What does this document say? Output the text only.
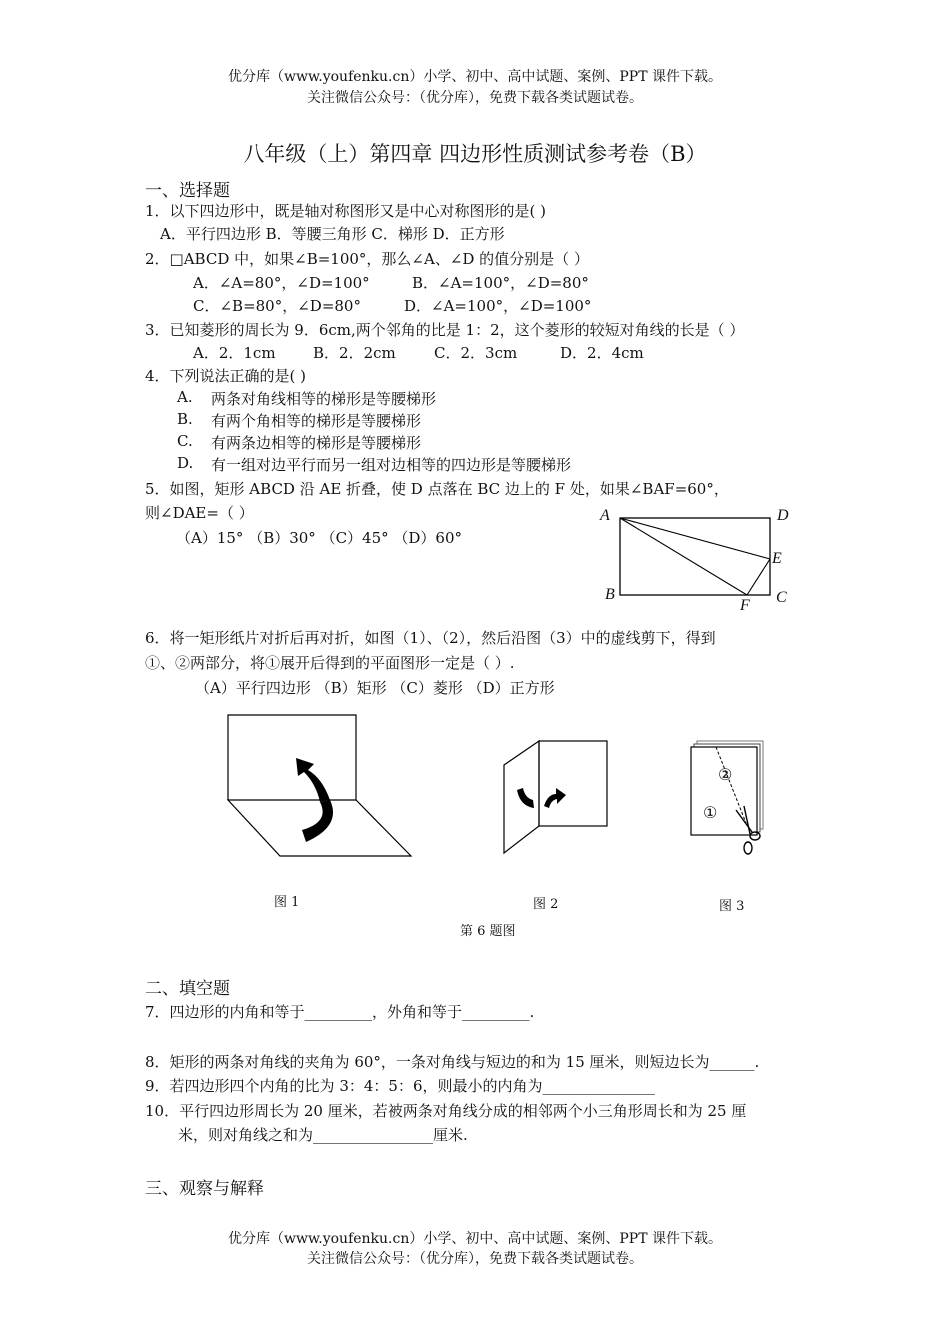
优分库（www.youfenku.cn）小学、初中、高中试题、案例、PPT 课件下载。
关注微信公众号：（优分库），免费下载各类试题试卷。
八年级（上）第四章 四边形性质测试参考卷（B）
一、选择题
1．以下四边形中，既是轴对称图形又是中心对称图形的是( )
A．平行四边形 B．等腰三角形 C．梯形 D．正方形
2．□ABCD 中，如果∠B=100°，那么∠A、∠D 的值分别是（ ）
A．∠A=80°，∠D=100°	B．∠A=100°，∠D=80°
C．∠B=80°，∠D=80°	D．∠A=100°，∠D=100°
3．已知菱形的周长为 9．6cm,两个邻角的比是 1：2，这个菱形的较短对角线的长是（ ）
A．2．1cm B．2．2cm	C．2．3cm	D．2．4cm
4．下列说法正确的是( )
A. 两条对角线相等的梯形是等腰梯形
B. 有两个角相等的梯形是等腰梯形
C. 有两条边相等的梯形是等腰梯形
D. 有一组对边平行而另一组对边相等的四边形是等腰梯形
5．如图，矩形 ABCD 沿 AE 折叠，使 D 点落在 BC 边上的 F 处，如果∠BAF=60°，
则∠DAE=（ ）
（A）15° （B）30° （C）45° （D）60°
A	D
E
B
F C
6．将一矩形纸片对折后再对折，如图（1）、（2），然后沿图（3）中的虚线剪下，得到
①、②两部分，将①展开后得到的平面图形一定是（ ）.
（A）平行四边形 （B）矩形 （C）菱形 （D）正方形
图 1	图 2
②
①
图 3
第 6 题图
二、填空题
7．四边形的内角和等于_________，外角和等于_________.
8．矩形的两条对角线的夹角为 60°，一条对角线与短边的和为 15 厘米，则短边长为______.
9．若四边形四个内角的比为 3：4：5：6，则最小的内角为_______________
10．平行四边形周长为 20 厘米，若被两条对角线分成的相邻两个小三角形周长和为 25 厘
米，则对角线之和为________________厘米.
三、观察与解释
优分库（www.youfenku.cn）小学、初中、高中试题、案例、PPT 课件下载。
关注微信公众号：（优分库），免费下载各类试题试卷。
